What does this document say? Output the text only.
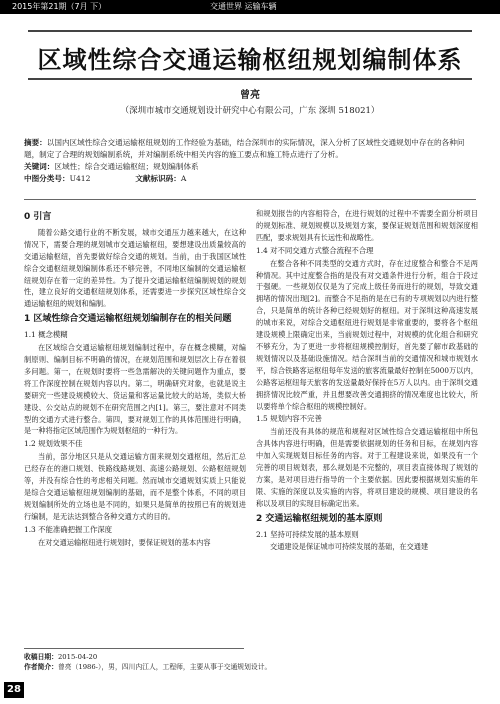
2015年第21期（7月 下）	交通世界 运输车辆
区域性综合交通运输枢纽规划编制体系
曾亮
（深圳市城市交通规划设计研究中心有限公司，广东 深圳 518021）
摘要：以国内区域性综合交通运输枢纽规划的工作经验为基础，结合深圳市的实际情况，深入分析了区域性交通规划中存在的各种问题，制定了合理的规划编制系统，并对编制系统中相关内容的施工要点和施工特点进行了分析。
关键词：区域性；综合交通运输枢纽；规划编制体系
中图分类号：U412	文献标识码：A
0 引言

随着公路交通行业的不断发展，城市交通压力越来越大，在这种情况下，需要合理的规划城市交通运输枢纽，要想建设出质量较高的交通运输枢纽，首先要做好综合交通的规划。当前，由于我国区域性综合交通枢纽规划编制体系还不够完善，不同地区编制的交通运输枢纽规划存在着一定的差异性。为了提升交通运输枢纽编制规划的规划性，建立良好的交通枢纽规划体系，还需要进一步探究区域性综合交通运输枢纽的规划和编制。

1 区域性综合交通运输枢纽规划编制存在的相关问题
1.1 概念模糊

在区域综合交通运输枢纽规划编制过程中，存在概念模糊，对编制原则、编制目标不明确的情况，在规划范围和规划层次上存在着很多问题。第一，在规划时要将一些急需解决的关键问题作为重点，要将工作深度控制在规划内容以内。第二，明确研究对象，也就是说主要研究一些建设规模较大、货运量和客运量比较大的站场，类似大桥建设、公交站点的规划不在研究范围之内[1]。第三，要注意对不同类型的交通方式进行整合。第四，要对规划工作的具体范围进行明确，是一种将指定区域范围作为规划枢纽的一种行为。

1.2 规划效果不佳

当前，部分地区只是从交通运输方面来规划交通枢纽，然后汇总已经存在的港口规划、铁路线路规划、高速公路规划、公路枢纽规划等，并没有综合性的考虑相关问题。然而城市交通规划实质上只能说是综合交通运输枢纽规划编制的基础，而不是整个体系，不同的项目规划编制所处的立场也是不同的，如果只是简单的按照已有的规划进行编制，是无法达到整合各种交通方式的目的。

1.3 不能准确把握工作深度

在对交通运输枢纽进行规划时，要保证规划的基本内容

和规划报告的内容相符合，在进行规划的过程中不需要全面分析项目的规划标准、规划规模以及规划方案，要保证规划范围和规划深度相匹配，要求规划具有长远性和战略性。

1.4 对不同交通方式整合流程不合理

在整合各种不同类型的交通方式时，存在过度整合和整合不足两种情况。其中过度整合指的是没有对交通条件进行分析，组合于段过于强硬。一些规划仅仅是为了完成上级任务而进行的规划，导致交通拥堵的情况出现[2]。而整合不足指的是在已有的专项规划以内进行整合，只是简单的统计各种已经规划好的枢纽。对于深圳这种高速发展的城市来说，对综合交通枢纽进行规划是非常重要的，要将各个枢纽建设规模上限确定出来，当前规划过程中，对规模的优化组合和研究不够充分，为了更进一步将枢纽规模控制好，首先要了解市政基础的规划情况以及基础设施情况。结合深圳当前的交通情况和城市规划水平，综合铁路客运枢纽每年发送的旅客流量最好控制在5000万以内，公路客运枢纽每天旅客的发送量最好保持在5万人以内。由于深圳交通拥挤情况比较严重，并且想要改善交通拥挤的情况难度也比较大，所以要将单个综合枢纽的规模控制好。

1.5 规划内容不完善

当前还没有具体的规范和规程对区域性综合交通运输枢纽中所包含具体内容进行明确，但是需要依据规划的任务和目标，在规划内容中加入实现规划目标任务的内容。对于工程建设来说，如果没有一个完善的项目规划表，那么规划是不完整的，项目表直接体现了规划的方案，是对项目进行指导的一个主要依据。因此要根据规划实施的年限、实施的深度以及实施的内容，将项目建设的规模、项目建设的名称以及项目的实现目标确定出来。

2 交通运输枢纽规划的基本原则
2.1 坚持可持续发展的基本原则

交通建设是保证城市可持续发展的基础，在交通建

收稿日期：2015-04-20
作者简介：曾亮（1986-），男，四川内江人，工程师，主要从事于交通规划设计。
28
